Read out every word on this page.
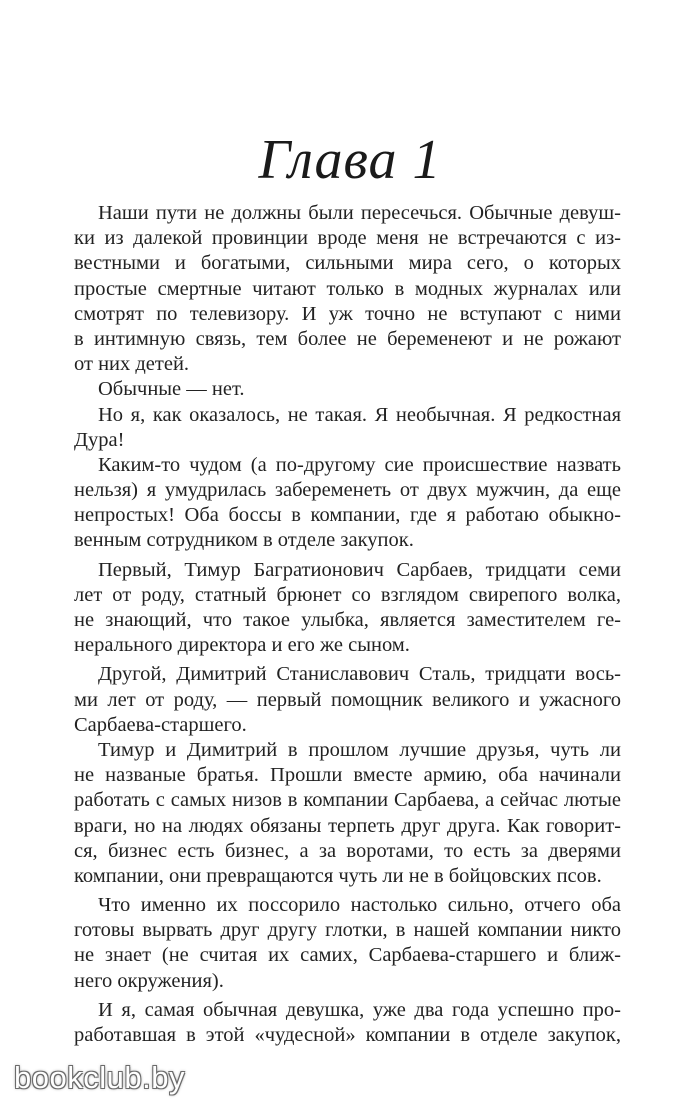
Глава 1
Наши пути не должны были пересечься. Обычные девуш-
ки из далекой провинции вроде меня не встречаются с из-
вестными и богатыми, сильными мира сего, о которых
простые смертные читают только в модных журналах или
смотрят по телевизору. И уж точно не вступают с ними
в интимную связь, тем более не беременеют и не рожают
от них детей.
Обычные — нет.
Но я, как оказалось, не такая. Я необычная. Я редкостная
Дура!
Каким-то чудом (а по-другому сие происшествие назвать
нельзя) я умудрилась забеременеть от двух мужчин, да еще
непростых! Оба боссы в компании, где я работаю обыкно-
венным сотрудником в отделе закупок.
Первый, Тимур Багратионович Сарбаев, тридцати семи
лет от роду, статный брюнет со взглядом свирепого волка,
не знающий, что такое улыбка, является заместителем ге-
нерального директора и его же сыном.
Другой, Димитрий Станиславович Сталь, тридцати вось-
ми лет от роду, — первый помощник великого и ужасного
Сарбаева-старшего.
Тимур и Димитрий в прошлом лучшие друзья, чуть ли
не названые братья. Прошли вместе армию, оба начинали
работать с самых низов в компании Сарбаева, а сейчас лютые
враги, но на людях обязаны терпеть друг друга. Как говорит-
ся, бизнес есть бизнес, а за воротами, то есть за дверями
компании, они превращаются чуть ли не в бойцовских псов.
Что именно их поссорило настолько сильно, отчего оба
готовы вырвать друг другу глотки, в нашей компании никто
не знает (не считая их самих, Сарбаева-старшего и ближ-
него окружения).
И я, самая обычная девушка, уже два года успешно про-
работавшая в этой «чудесной» компании в отделе закупок,
bookclub.by
